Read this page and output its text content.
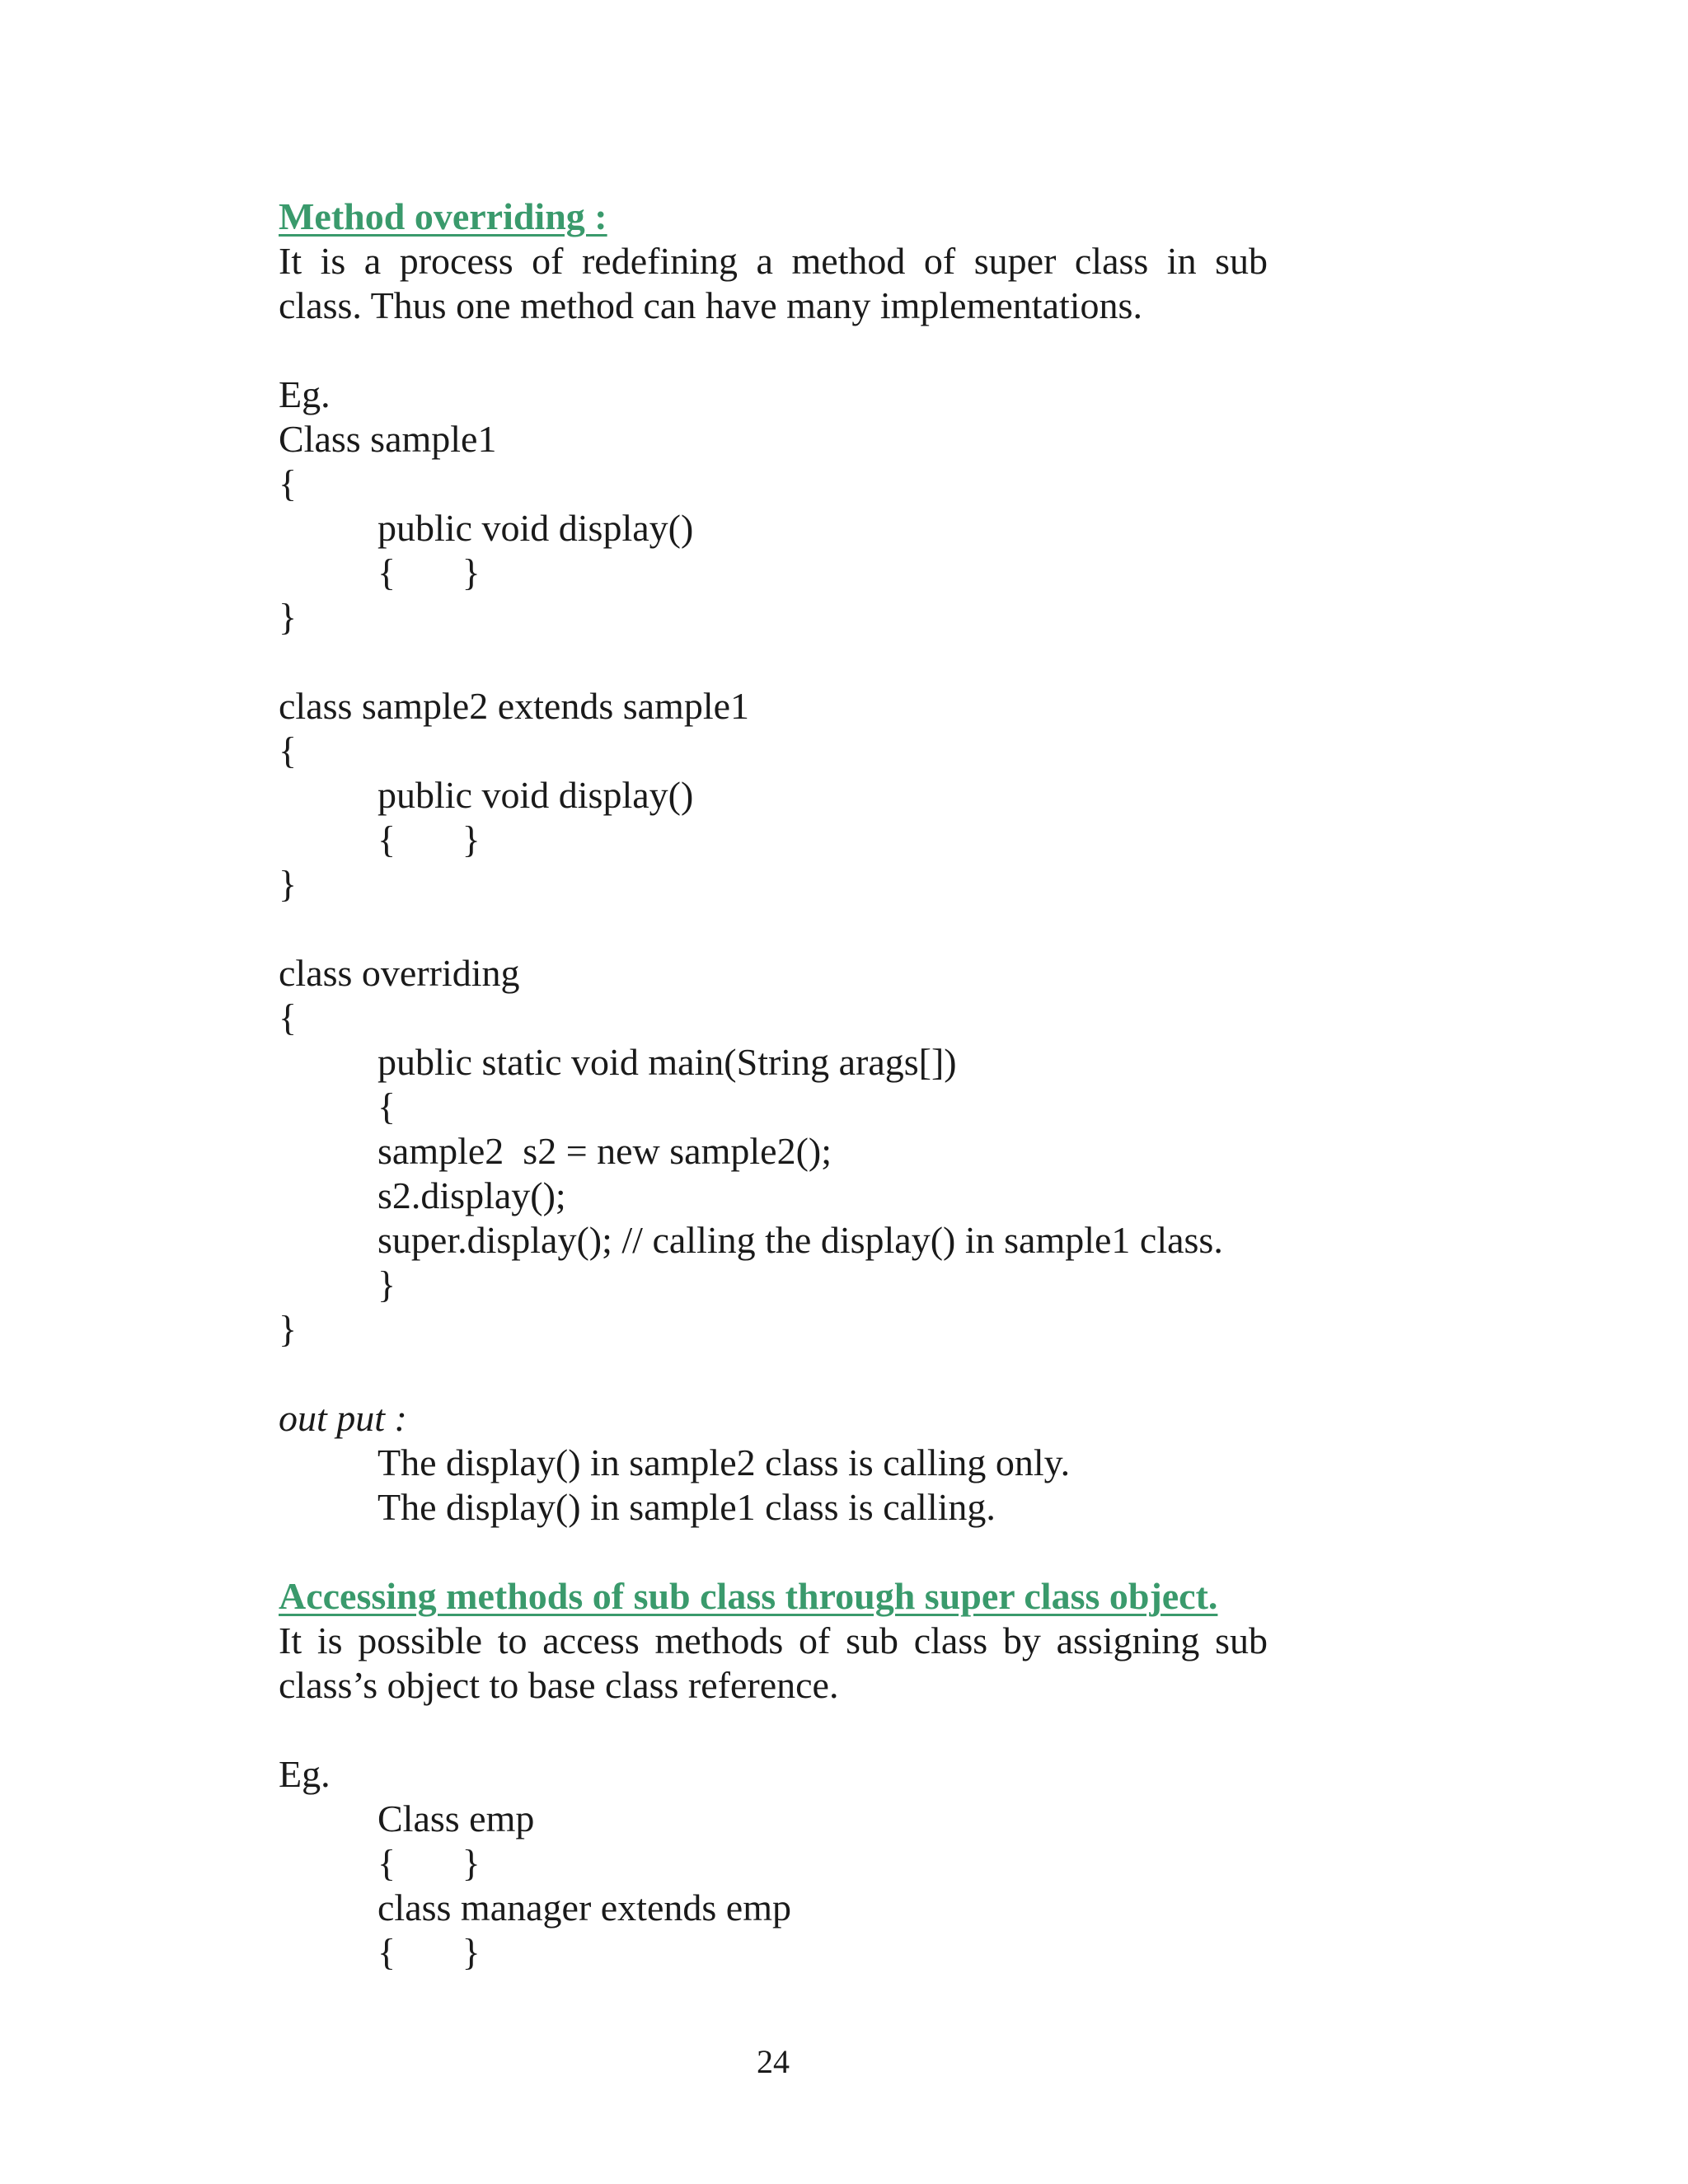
Method overriding :
It is a process of redefining a method of super class in sub
class. Thus one method can have many implementations.
Eg.
Class sample1
{
public void display()
{       }
}
class sample2 extends sample1
{
public void display()
{       }
}
class overriding
{
public static void main(String arags[])
{
sample2  s2 = new sample2();
s2.display();
super.display(); // calling the display() in sample1 class.
}
}
out put :
The display() in sample2 class is calling only.
The display() in sample1 class is calling.
Accessing methods of sub class through super class object.
It is possible to access methods of sub class by assigning sub
class’s object to base class reference.
Eg.
Class emp
{       }
class manager extends emp
{       }
24
